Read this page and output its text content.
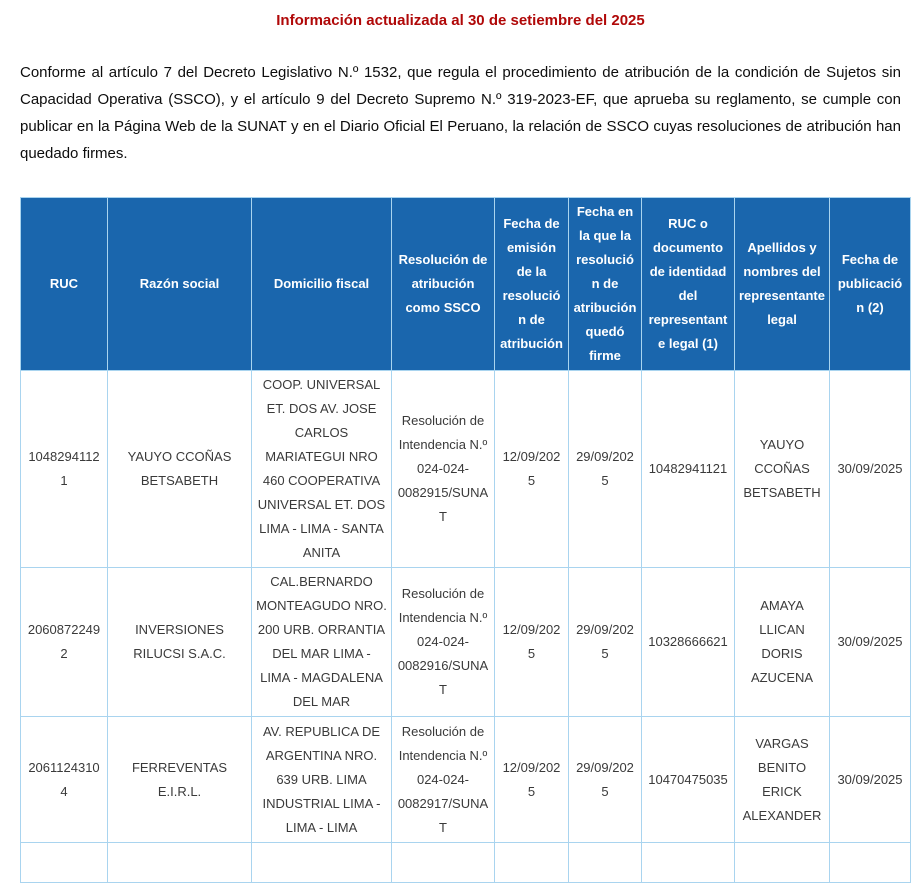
Información actualizada al 30 de setiembre del 2025

Conforme al artículo 7 del Decreto Legislativo N.º 1532, que regula el procedimiento de atribución de la condición de Sujetos sin Capacidad Operativa (SSCO), y el artículo 9 del Decreto Supremo N.º 319-2023-EF, que aprueba su reglamento, se cumple con publicar en la Página Web de la SUNAT y en el Diario Oficial El Peruano, la relación de SSCO cuyas resoluciones de atribución han quedado firmes.

RUC	Razón social	Domicilio fiscal	Resolución de atribución como SSCO	Fecha de emisión de la resolución de atribución	Fecha en la que la resolución de atribución quedó firme	RUC o documento de identidad del representante legal (1)	Apellidos y nombres del representante legal	Fecha de publicación (2)
10482941121	YAUYO CCOÑAS BETSABETH	COOP. UNIVERSAL ET. DOS AV. JOSE CARLOS MARIATEGUI NRO 460 COOPERATIVA UNIVERSAL ET. DOS LIMA - LIMA - SANTA ANITA	Resolución de Intendencia N.º 024-024-0082915/SUNAT	12/09/2025	29/09/2025	10482941121	YAUYO CCOÑAS BETSABETH	30/09/2025
20608722492	INVERSIONES RILUCSI S.A.C.	CAL.BERNARDO MONTEAGUDO NRO. 200 URB. ORRANTIA DEL MAR LIMA - LIMA - MAGDALENA DEL MAR	Resolución de Intendencia N.º 024-024-0082916/SUNAT	12/09/2025	29/09/2025	10328666621	AMAYA LLICAN DORIS AZUCENA	30/09/2025
20611243104	FERREVENTAS E.I.R.L.	AV. REPUBLICA DE ARGENTINA NRO. 639 URB. LIMA INDUSTRIAL LIMA - LIMA - LIMA	Resolución de Intendencia N.º 024-024-0082917/SUNAT	12/09/2025	29/09/2025	10470475035	VARGAS BENITO ERICK ALEXANDER	30/09/2025
